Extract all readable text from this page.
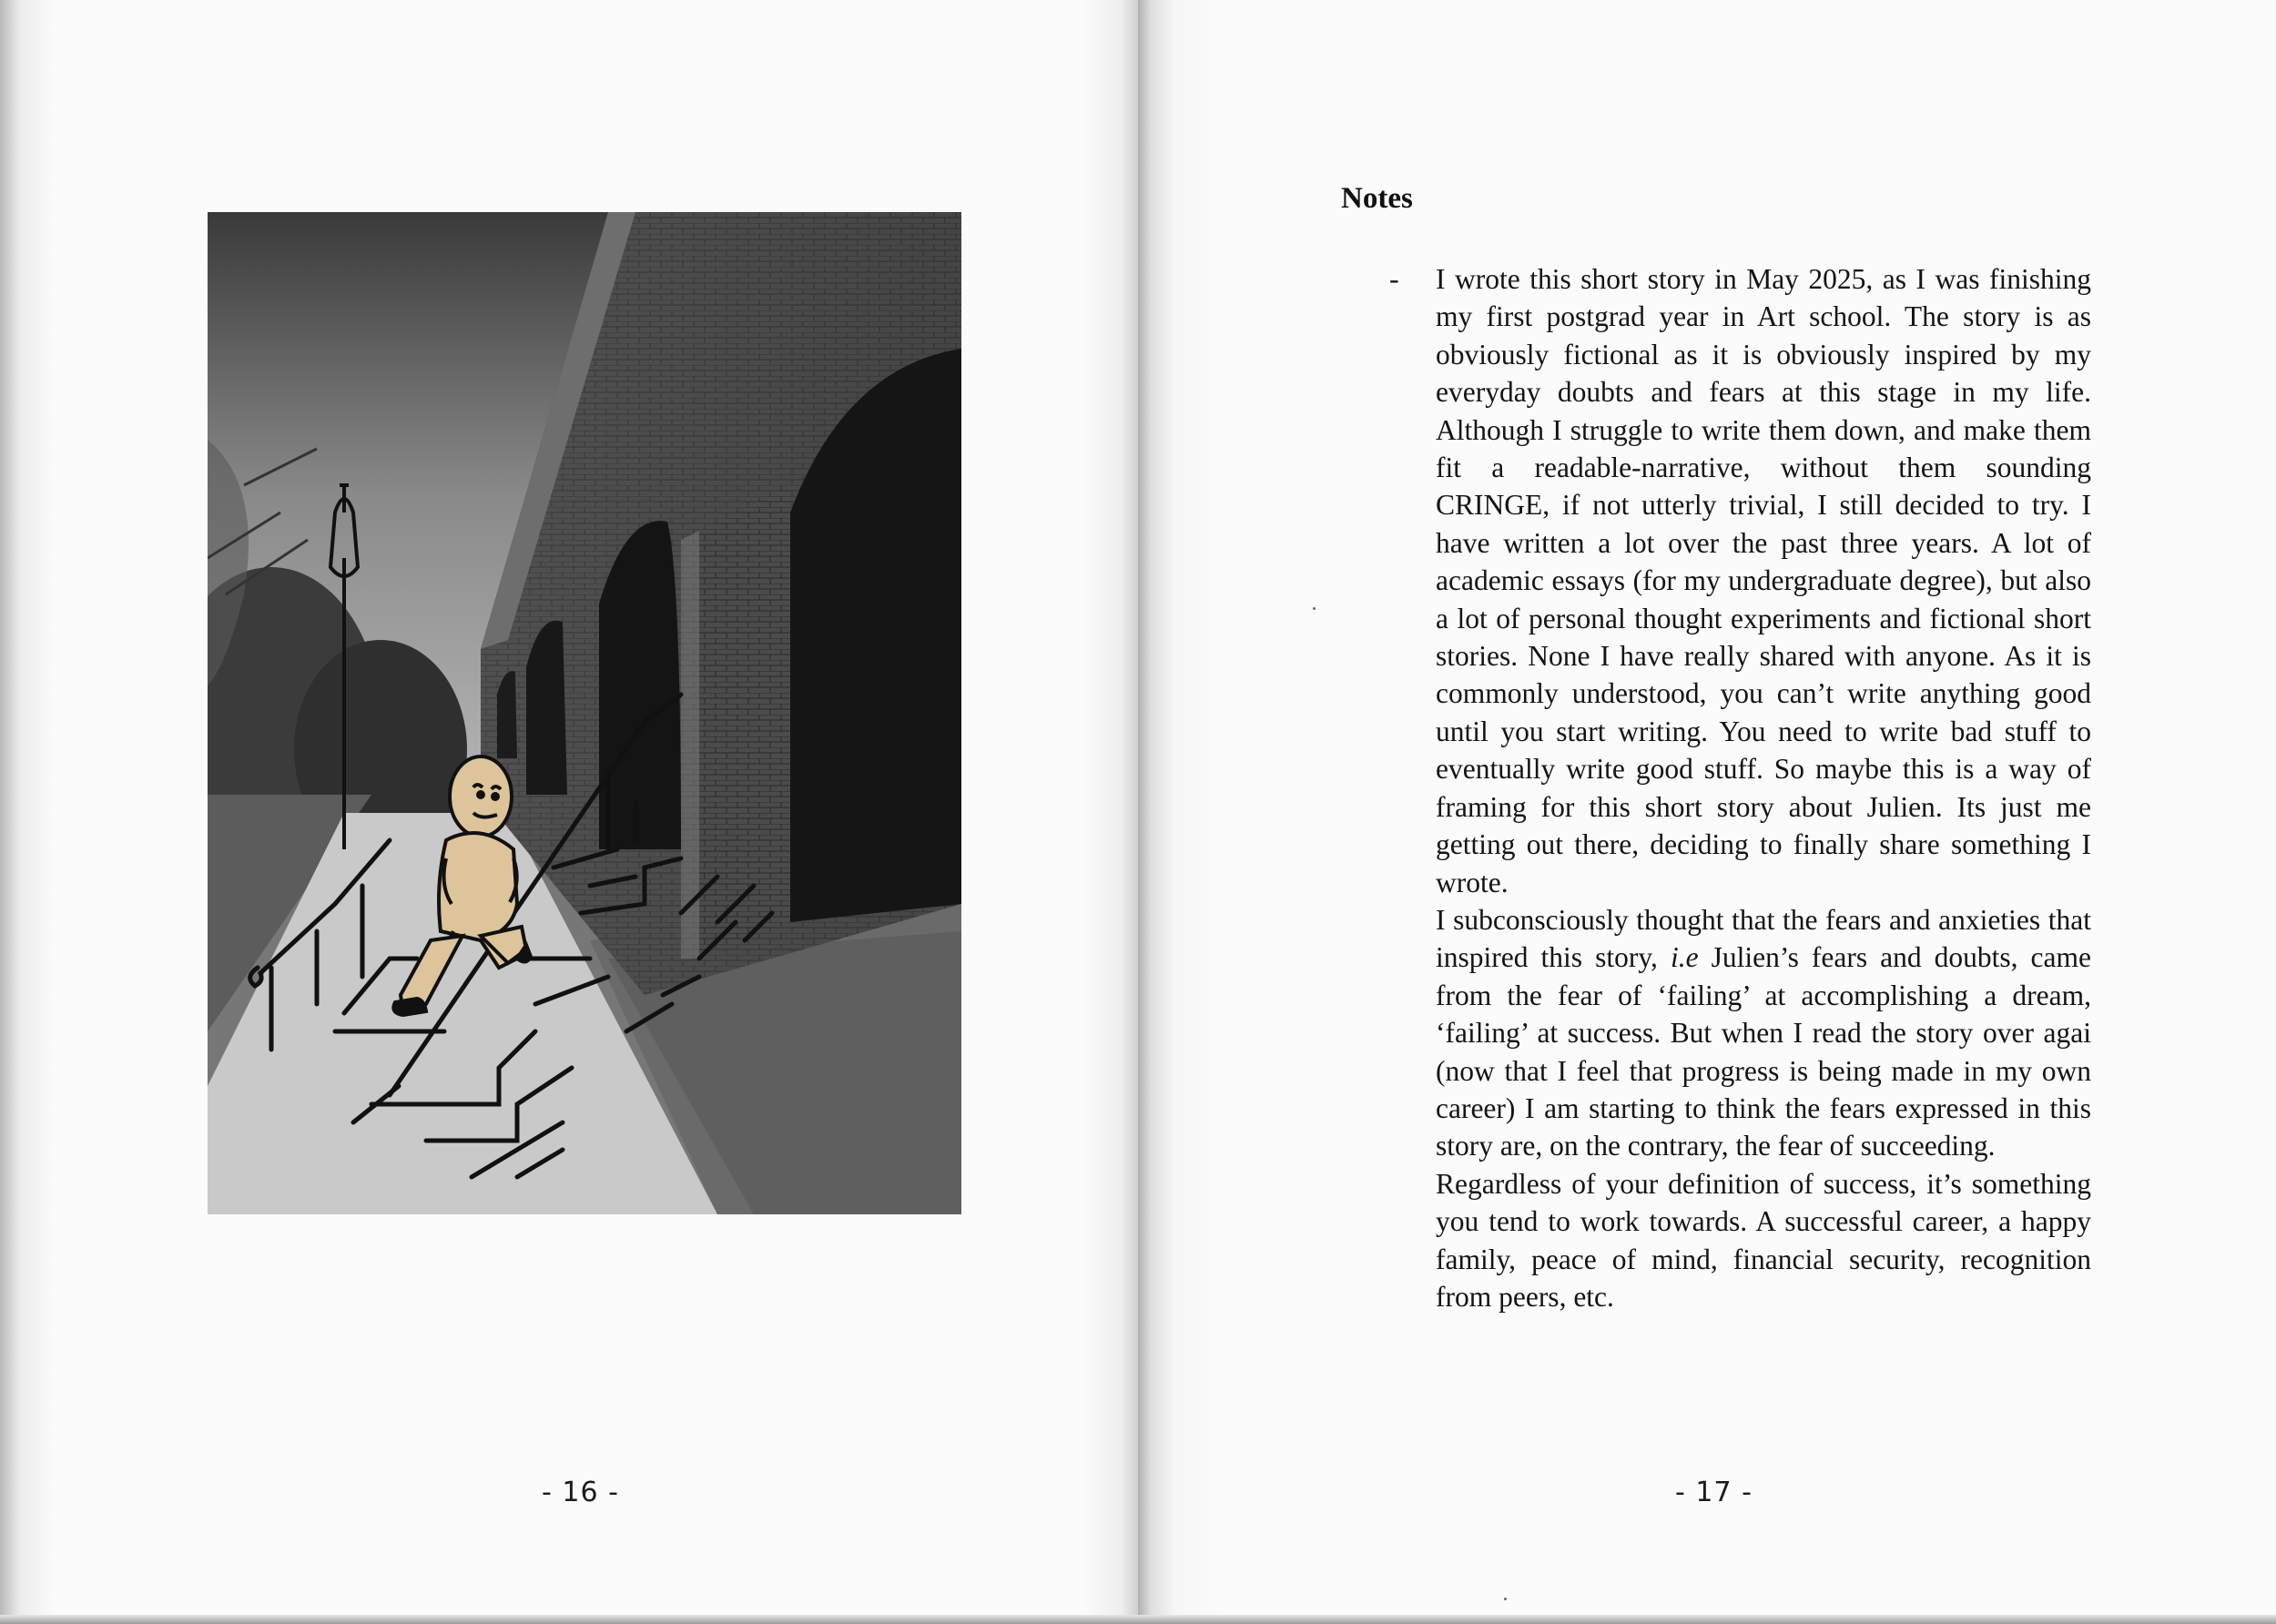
- 16 -
Notes
- I wrote this short story in May 2025, as I was finishing my first postgrad year in Art school. The story is as obviously fictional as it is obviously inspired by my everyday doubts and fears at this stage in my life. Although I struggle to write them down, and make them fit a readable-narrative, without them sounding CRINGE, if not utterly trivial, I still decided to try. I have written a lot over the past three years. A lot of academic essays (for my undergraduate degree), but also a lot of personal thought experiments and fictional short stories. None I have really shared with anyone. As it is commonly understood, you can’t write anything good until you start writing. You need to write bad stuff to eventually write good stuff. So maybe this is a way of framing for this short story about Julien. Its just me getting out there, deciding to finally share something I wrote.

I subconsciously thought that the fears and anxieties that inspired this story, i.e Julien’s fears and doubts, came from the fear of ‘failing’ at accomplishing a dream, ‘failing’ at success. But when I read the story over agai (now that I feel that progress is being made in my own career) I am starting to think the fears expressed in this story are, on the contrary, the fear of succeeding.

Regardless of your definition of success, it’s something you tend to work towards. A successful career, a happy family, peace of mind, financial security, recognition from peers, etc.

- 17 -
